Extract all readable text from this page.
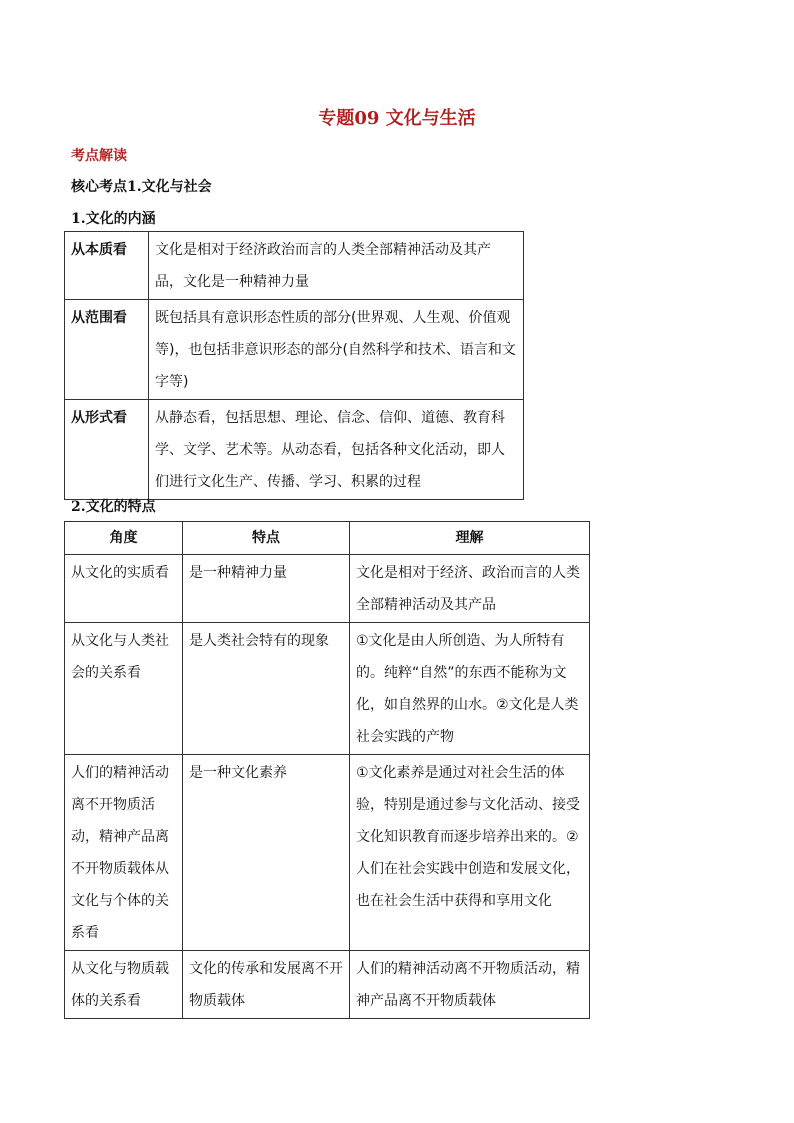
专题09 文化与生活
考点解读
核心考点1.文化与社会
1.文化的内涵
从本质看	文化是相对于经济政治而言的人类全部精神活动及其产品，文化是一种精神力量
从范围看	既包括具有意识形态性质的部分(世界观、人生观、价值观等)，也包括非意识形态的部分(自然科学和技术、语言和文字等)
从形式看	从静态看，包括思想、理论、信念、信仰、道德、教育科学、文学、艺术等。从动态看，包括各种文化活动，即人们进行文化生产、传播、学习、积累的过程
2.文化的特点
角度	特点	理解
从文化的实质看	是一种精神力量	文化是相对于经济、政治而言的人类全部精神活动及其产品
从文化与人类社会的关系看	是人类社会特有的现象	①文化是由人所创造、为人所特有的。纯粹“自然”的东西不能称为文化，如自然界的山水。②文化是人类社会实践的产物
人们的精神活动离不开物质活动，精神产品离不开物质载体从文化与个体的关系看	是一种文化素养	①文化素养是通过对社会生活的体验，特别是通过参与文化活动、接受文化知识教育而逐步培养出来的。②人们在社会实践中创造和发展文化，也在社会生活中获得和享用文化
从文化与物质载体的关系看	文化的传承和发展离不开物质载体	人们的精神活动离不开物质活动，精神产品离不开物质载体
